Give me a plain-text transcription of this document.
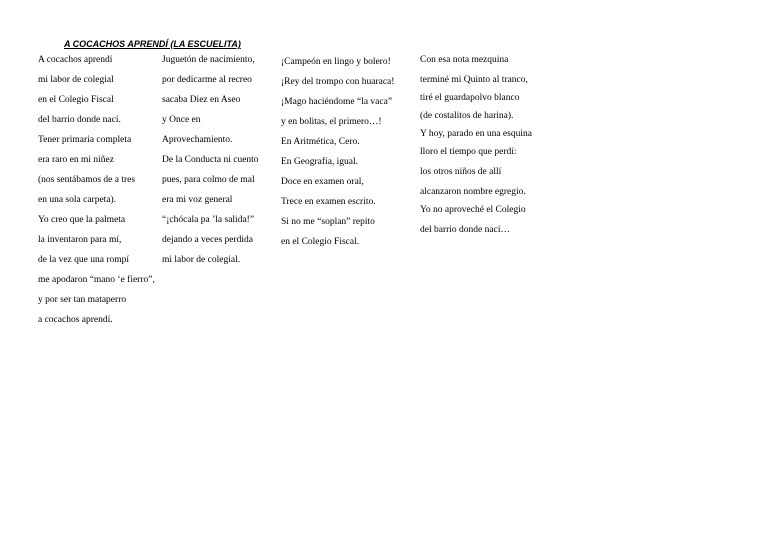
A COCACHOS APRENDÍ (LA ESCUELITA)

A cocachos aprendí

mi labor de colegial

en el Colegio Fiscal

del barrio donde nací.

Tener primaria completa

era raro en mi niñez

(nos sentábamos de a tres

en una sola carpeta).

Yo creo que la palmeta

la inventaron para mí,

de la vez que una rompí

me apodaron “mano ‘e fierro”,

y por ser tan mataperro

a cocachos aprendí.

Juguetón de nacimiento,

por dedicarme al recreo

sacaba Diez en Aseo

y Once en

Aprovechamiento.

De la Conducta ni cuento

pues, para colmo de mal

era mi voz general

“¡chócala pa ’la salida!”

dejando a veces perdida

mi labor de colegial.

¡Campeón en lingo y bolero!

¡Rey del trompo con huaraca!

¡Mago haciéndome “la vaca”

y en bolitas, el primero…!

En Aritmética, Cero.

En Geografía, igual.

Doce en examen oral,

Trece en examen escrito.

Si no me “soplan” repito

en el Colegio Fiscal.

Con esa nota mezquina

terminé mi Quinto al tranco,

tiré el guardapolvo blanco

(de costalitos de harina).

Y hoy, parado en una esquina

lloro el tiempo que perdí:

los otros niños de allí

alcanzaron nombre egregio.

Yo no aproveché el Colegio

del barrio donde nací…
